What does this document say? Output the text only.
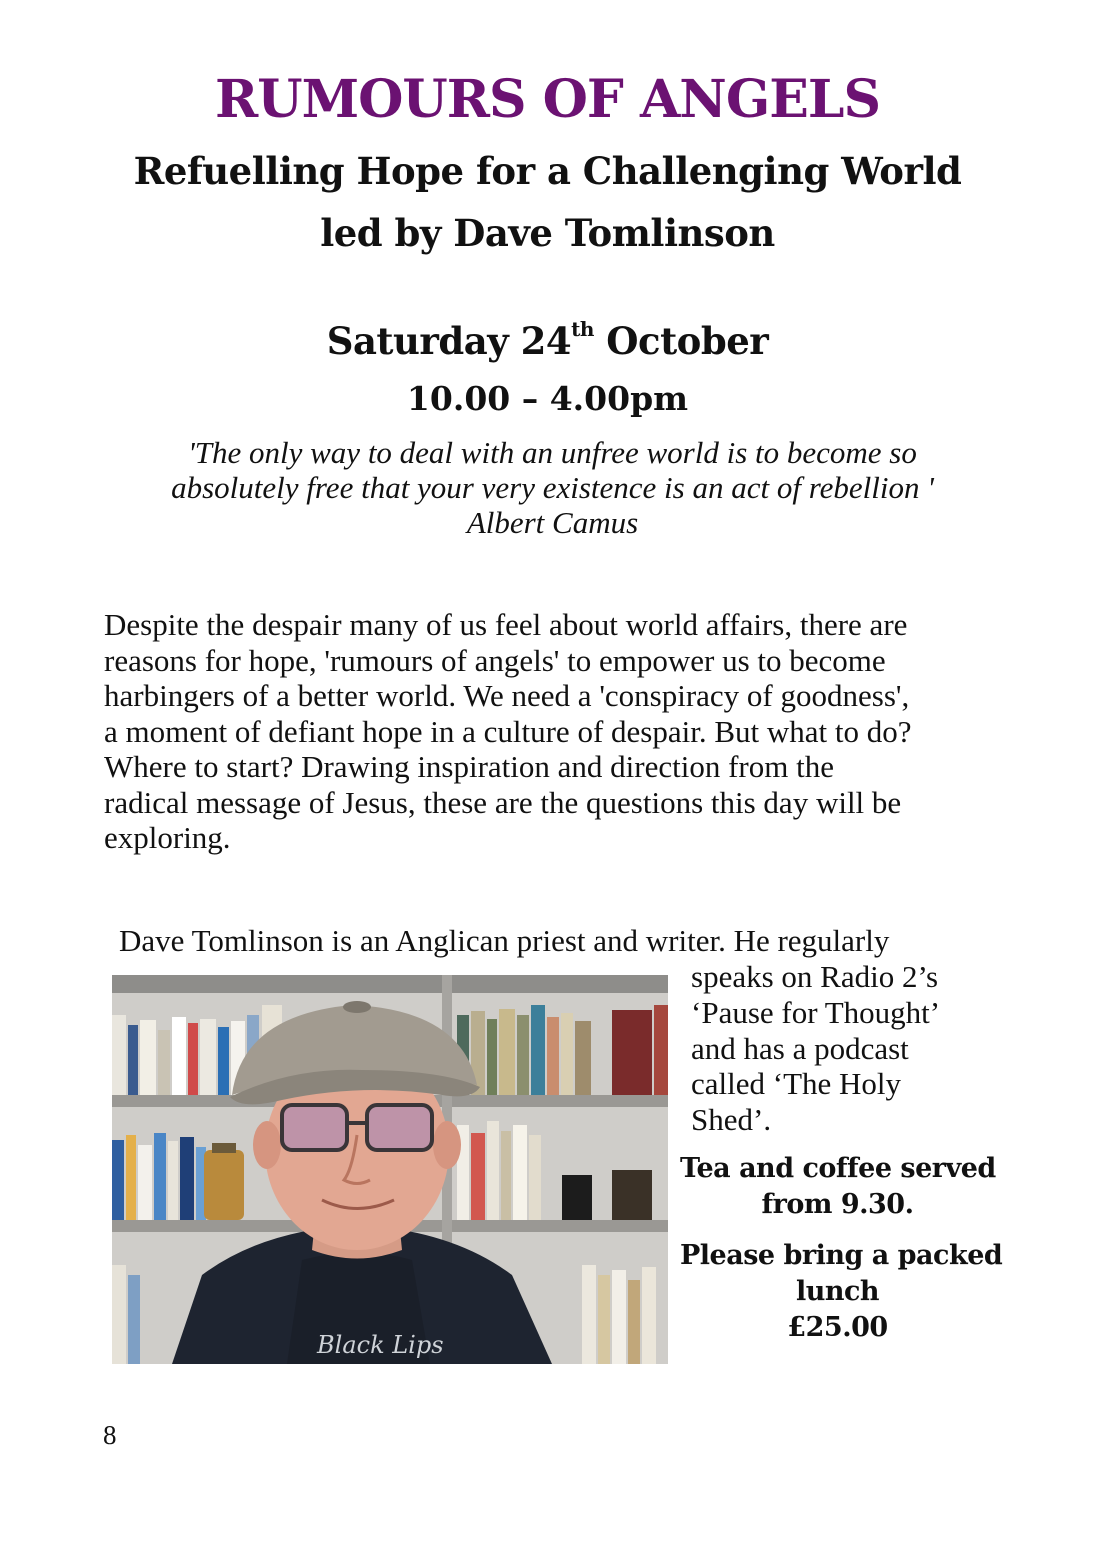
RUMOURS OF ANGELS
Refuelling Hope for a Challenging World
led by Dave Tomlinson
Saturday 24th October
10.00 – 4.00pm
'The only way to deal with an unfree world is to become so
absolutely free that your very existence is an act of rebellion '
Albert Camus
Despite the despair many of us feel about world affairs, there are
reasons for hope, 'rumours of angels' to empower us to become
harbingers of a better world. We need a 'conspiracy of goodness',
a moment of defiant hope in a culture of despair. But what to do?
Where to start? Drawing inspiration and direction from the
radical message of Jesus, these are the questions this day will be
exploring.
Dave Tomlinson is an Anglican priest and writer. He regularly
Black Lips
speaks on Radio 2’s
‘Pause for Thought’
and has a podcast
called ‘The Holy
Shed’.
Tea and coffee served
from 9.30.
Please bring a packed
lunch
£25.00
8
